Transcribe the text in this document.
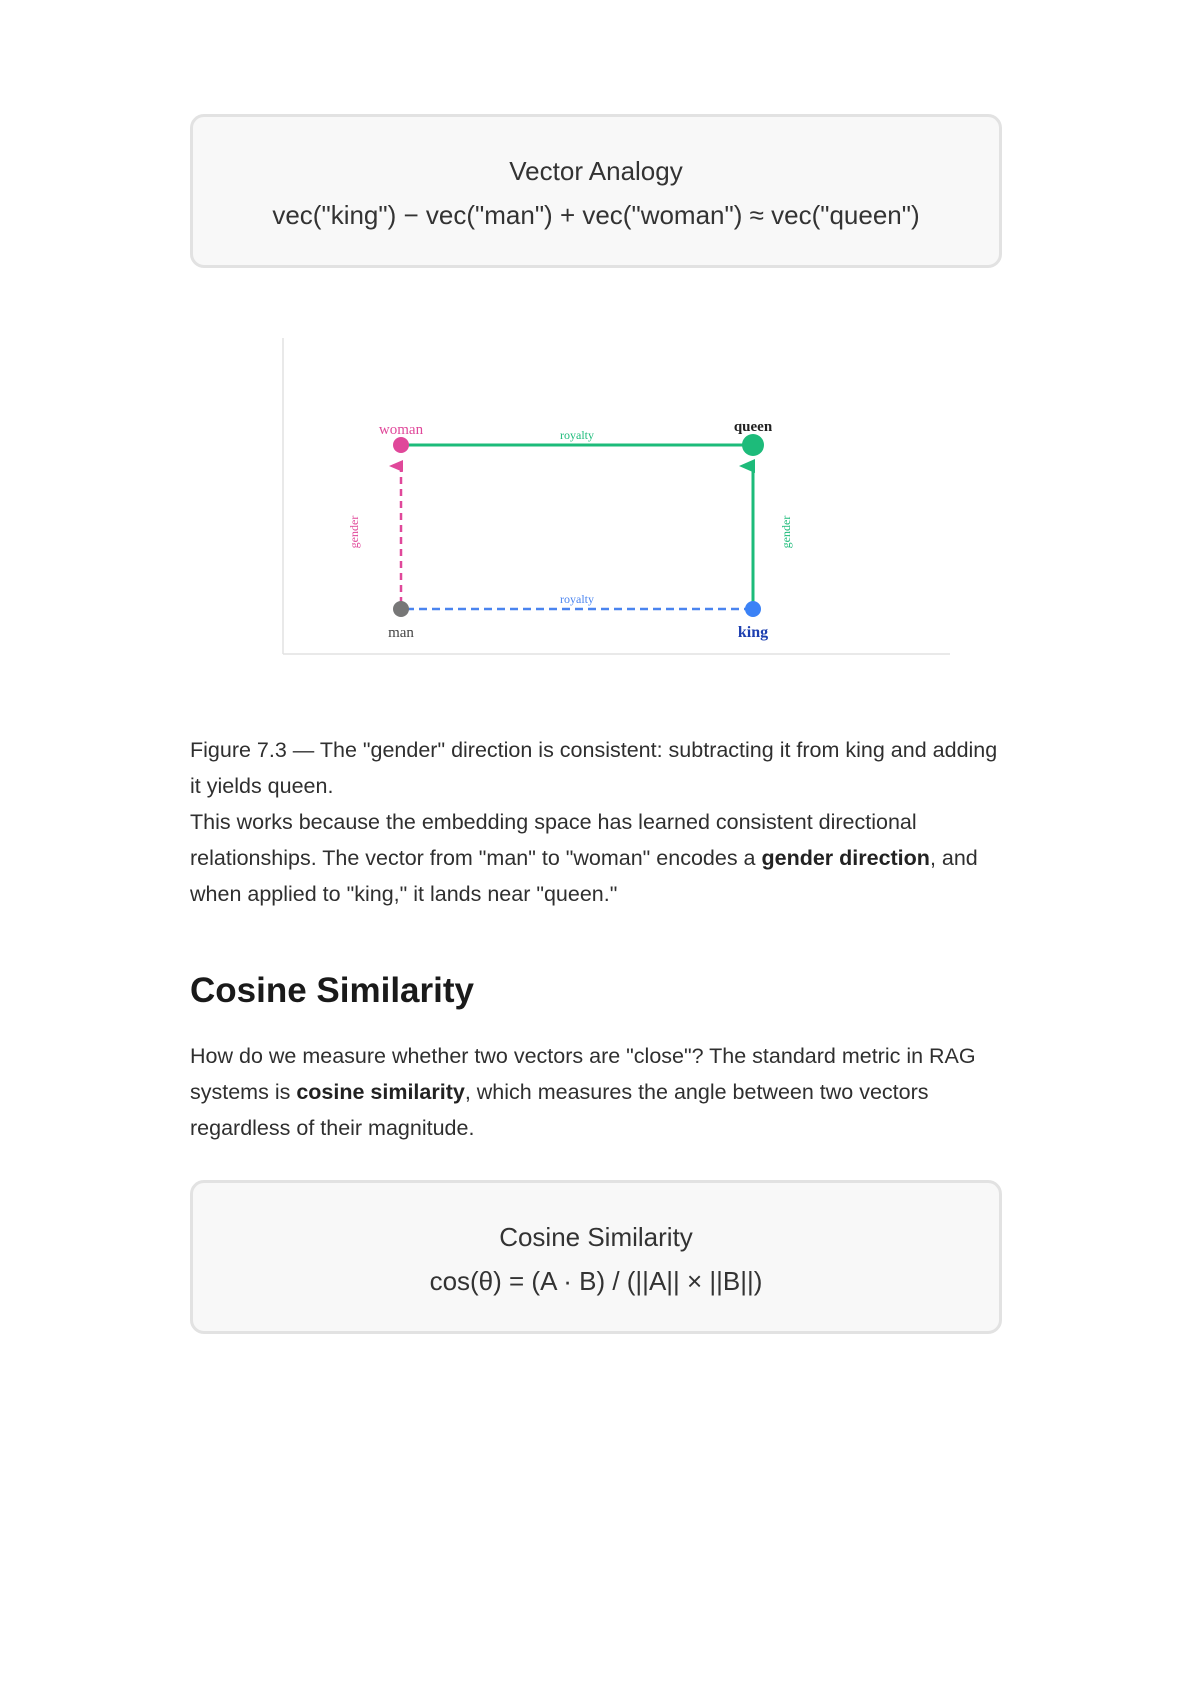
Vector Analogy
vec("king") − vec("man") + vec("woman") ≈ vec("queen")
woman	queen
man	king
royalty
royalty
gender	gender
Figure 7.3 — The "gender" direction is consistent: subtracting it from king and adding it yields queen.
This works because the embedding space has learned consistent directional relationships. The vector from "man" to "woman" encodes a gender direction, and when applied to "king," it lands near "queen."
Cosine Similarity
How do we measure whether two vectors are "close"? The standard metric in RAG systems is cosine similarity, which measures the angle between two vectors regardless of their magnitude.
Cosine Similarity
cos(θ) = (A · B) / (||A|| × ||B||)
